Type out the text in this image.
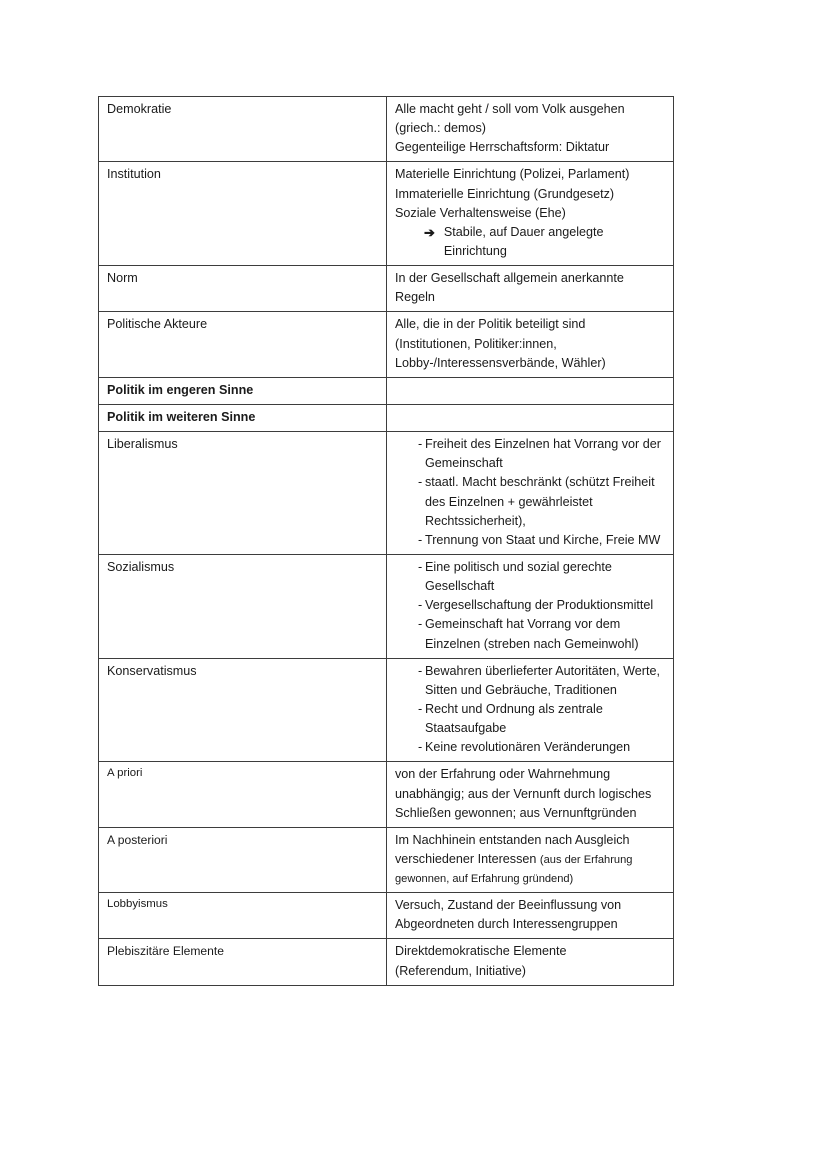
Demokratie	Alle macht geht / soll vom Volk ausgehen

(griech.: demos)

Gegenteilige Herrschaftsform: Diktatur

Institution	Materielle Einrichtung (Polizei, Parlament)

Immaterielle Einrichtung (Grundgesetz)

Soziale Verhaltensweise (Ehe)

➔ Stabile, auf Dauer angelegte Einrichtung

Norm	In der Gesellschaft allgemein anerkannte Regeln

Politische Akteure	Alle, die in der Politik beteiligt sind

(Institutionen, Politiker:innen, Lobby-/Interessensverbände, Wähler)

Politik im engeren Sinne	

Politik im weiteren Sinne	

Liberalismus	- Freiheit des Einzelnen hat Vorrang vor der Gemeinschaft
- staatl. Macht beschränkt (schützt Freiheit des Einzelnen + gewährleistet Rechtssicherheit),
- Trennung von Staat und Kirche, Freie MW

Sozialismus	- Eine politisch und sozial gerechte Gesellschaft
- Vergesellschaftung der Produktionsmittel
- Gemeinschaft hat Vorrang vor dem Einzelnen (streben nach Gemeinwohl)

Konservatismus	- Bewahren überlieferter Autoritäten, Werte, Sitten und Gebräuche, Traditionen
- Recht und Ordnung als zentrale Staatsaufgabe
- Keine revolutionären Veränderungen

A priori	von der Erfahrung oder Wahrnehmung unabhängig; aus der Vernunft durch logisches Schließen gewonnen; aus Vernunftgründen

A posteriori	Im Nachhinein entstanden nach Ausgleich verschiedener Interessen (aus der Erfahrung gewonnen, auf Erfahrung gründend)

Lobbyismus	Versuch, Zustand der Beeinflussung von Abgeordneten durch Interessengruppen

Plebiszitäre Elemente	Direktdemokratische Elemente

(Referendum, Initiative)
